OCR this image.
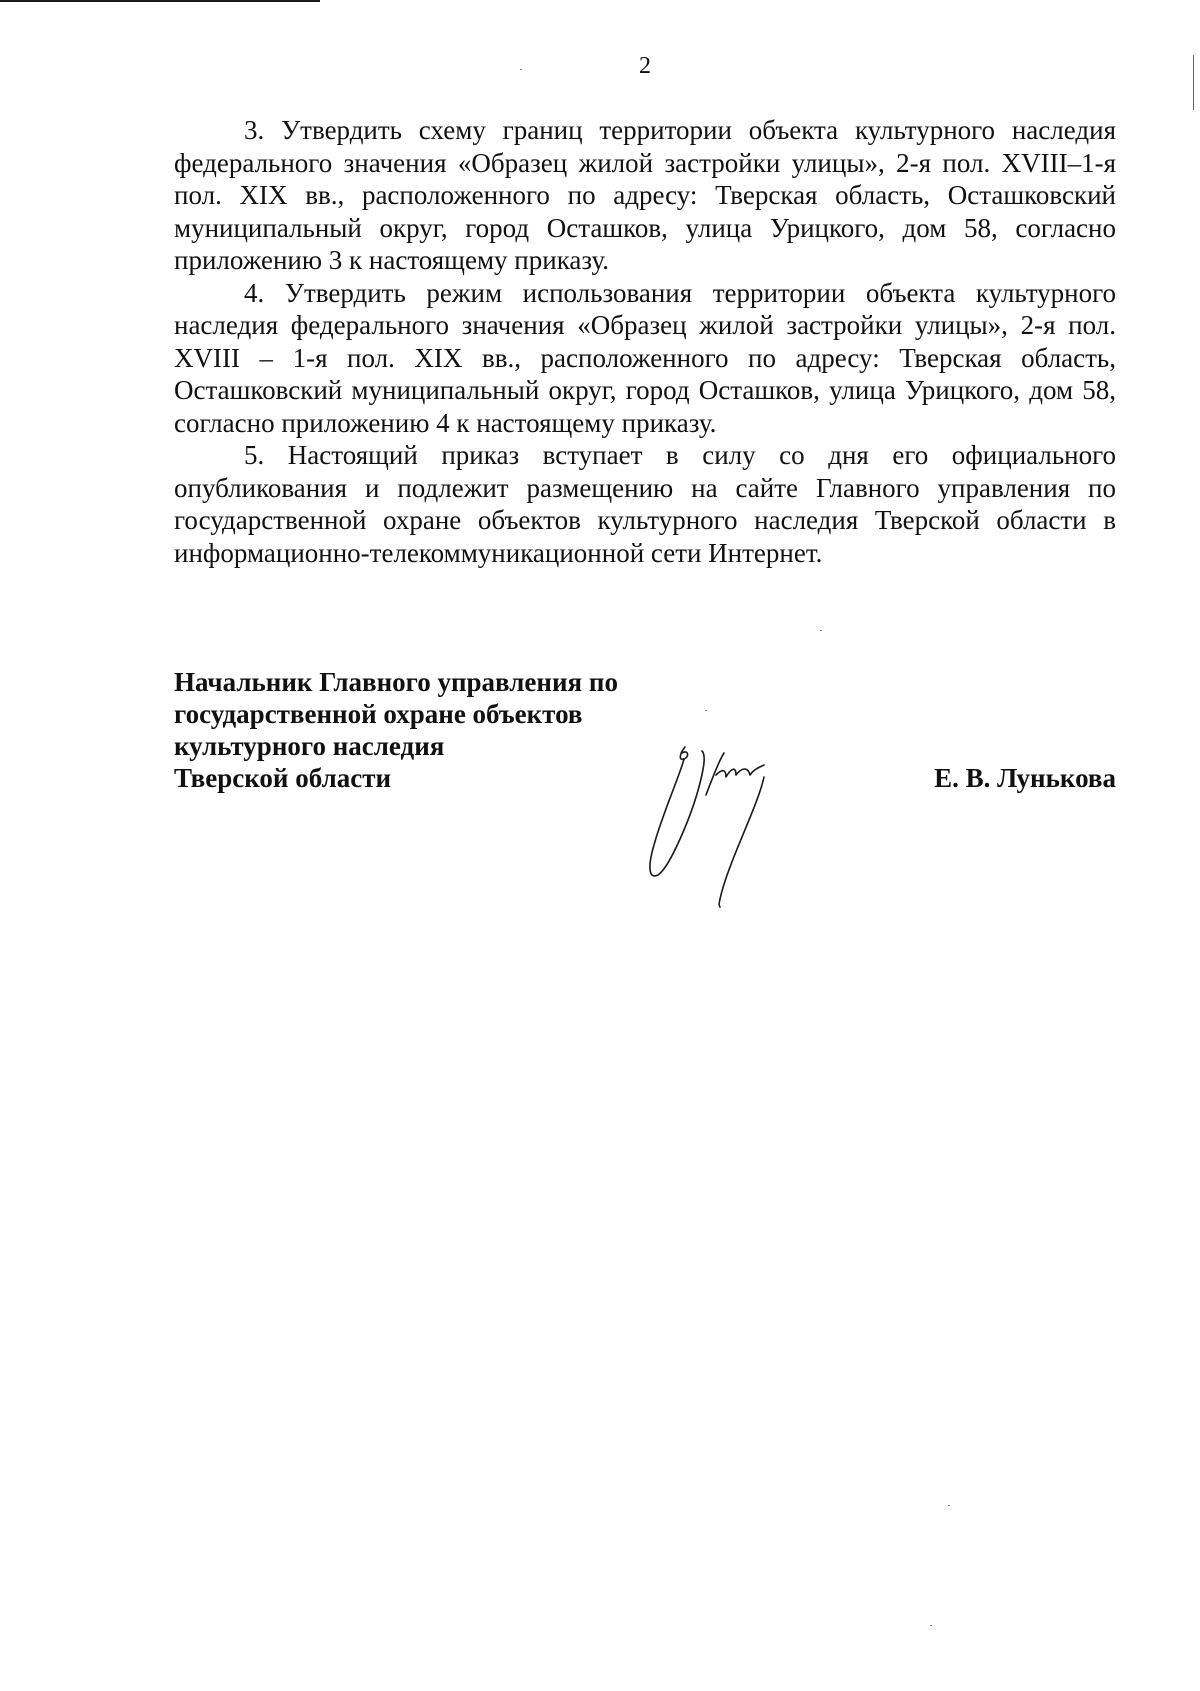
2

3. Утвердить схему границ территории объекта культурного наследия федерального значения «Образец жилой застройки улицы», 2-я пол. XVIII–1-я пол. XIX вв., расположенного по адресу: Тверская область, Осташковский муниципальный округ, город Осташков, улица Урицкого, дом 58, согласно приложению 3 к настоящему приказу.

4. Утвердить режим использования территории объекта культурного наследия федерального значения «Образец жилой застройки улицы», 2-я пол. XVIII – 1-я пол. XIX вв., расположенного по адресу: Тверская область, Осташковский муниципальный округ, город Осташков, улица Урицкого, дом 58, согласно приложению 4 к настоящему приказу.

5. Настоящий приказ вступает в силу со дня его официального опубликования и подлежит размещению на сайте Главного управления по государственной охране объектов культурного наследия Тверской области в информационно-телекоммуникационной сети Интернет.

Начальник Главного управления по
государственной охране объектов
культурного наследия
Тверской области	Е. В. Лунькова
